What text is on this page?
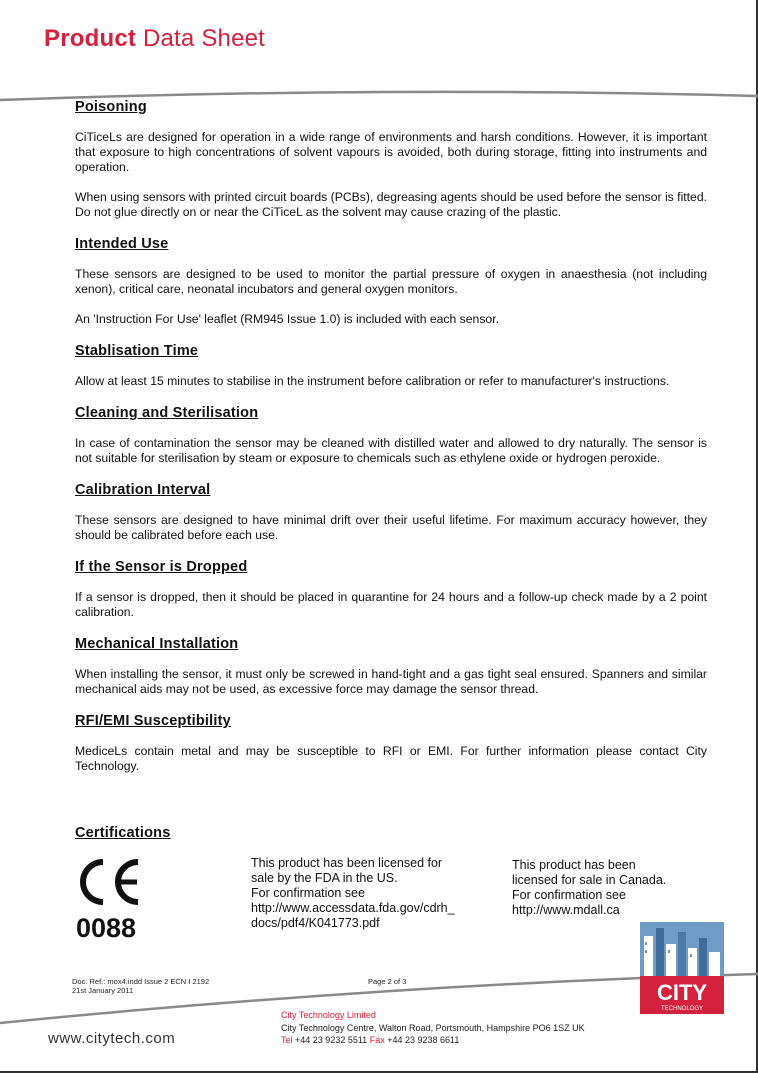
Product Data Sheet
Poisoning

CiTiceLs are designed for operation in a wide range of environments and harsh conditions. However, it is important that exposure to high concentrations of solvent vapours is avoided, both during storage, fitting into instruments and operation.

When using sensors with printed circuit boards (PCBs), degreasing agents should be used before the sensor is fitted. Do not glue directly on or near the CiTiceL as the solvent may cause crazing of the plastic.

Intended Use

These sensors are designed to be used to monitor the partial pressure of oxygen in anaesthesia (not including xenon), critical care, neonatal incubators and general oxygen monitors.

An 'Instruction For Use' leaflet (RM945 Issue 1.0) is included with each sensor.

Stablisation Time

Allow at least 15 minutes to stabilise in the instrument before calibration or refer to manufacturer's instructions.

Cleaning and Sterilisation

In case of contamination the sensor may be cleaned with distilled water and allowed to dry naturally. The sensor is not suitable for sterilisation by steam or exposure to chemicals such as ethylene oxide or hydrogen peroxide.

Calibration Interval

These sensors are designed to have minimal drift over their useful lifetime. For maximum accuracy however, they should be calibrated before each use.

If the Sensor is Dropped

If a sensor is dropped, then it should be placed in quarantine for 24 hours and a follow-up check made by a 2 point calibration.

Mechanical Installation

When installing the sensor, it must only be screwed in hand-tight and a gas tight seal ensured. Spanners and similar mechanical aids may not be used, as excessive force may damage the sensor thread.

RFI/EMI Susceptibility

MediceLs contain metal and may be susceptible to RFI or EMI. For further information please contact City Technology.

Certifications
0088
This product has been licensed for
sale by the FDA in the US.
For confirmation see
http://www.accessdata.fda.gov/cdrh_
docs/pdf4/K041773.pdf
This product has been
licensed for sale in Canada.
For confirmation see
http://www.mdall.ca
CITY
TECHNOLOGY
Doc. Ref.: mox4.indd Issue 2 ECN I 2192
21st January 2011
Page 2 of 3
www.citytech.com
City Technology Limited
City Technology Centre, Walton Road, Portsmouth, Hampshire PO6 1SZ UK
Tel +44 23 9232 5511 Fax +44 23 9238 6611
